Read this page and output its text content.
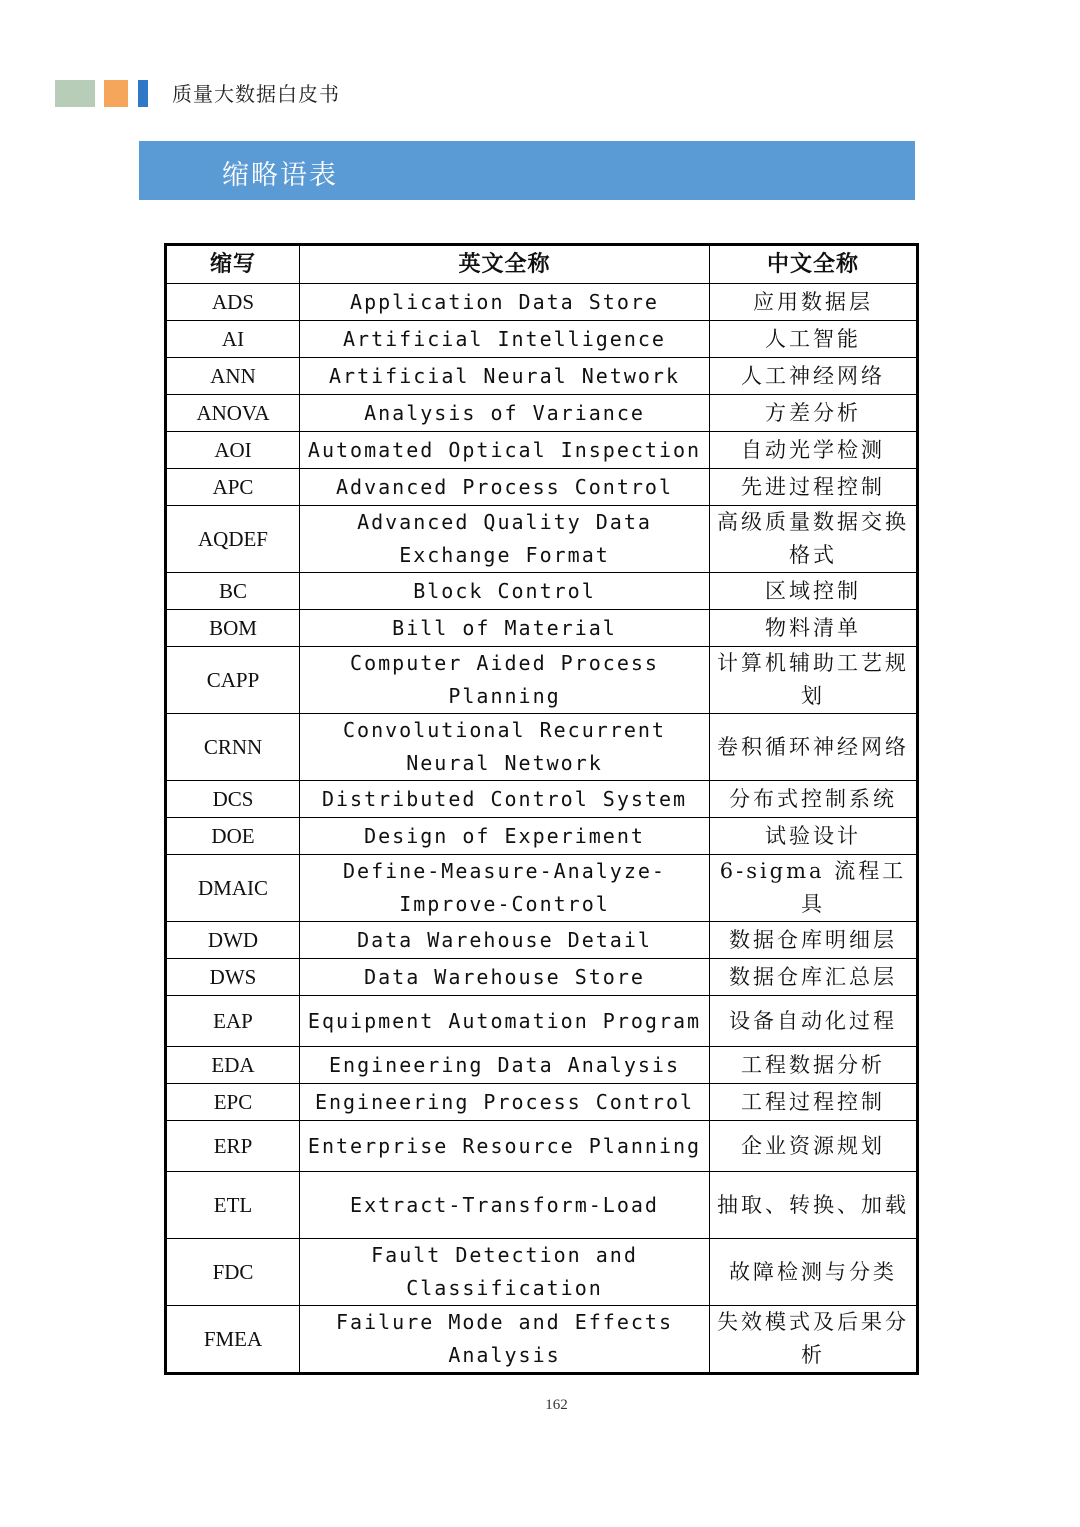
质量大数据白皮书
缩略语表
缩写	英文全称	中文全称
ADS	Application Data Store	应用数据层
AI	Artificial Intelligence	人工智能
ANN	Artificial Neural Network	人工神经网络
ANOVA	Analysis of Variance	方差分析
AOI	Automated Optical Inspection	自动光学检测
APC	Advanced Process Control	先进过程控制
AQDEF	Advanced Quality Data Exchange Format	高级质量数据交换格式
BC	Block Control	区域控制
BOM	Bill of Material	物料清单
CAPP	Computer Aided Process Planning	计算机辅助工艺规划
CRNN	Convolutional Recurrent Neural Network	卷积循环神经网络
DCS	Distributed Control System	分布式控制系统
DOE	Design of Experiment	试验设计
DMAIC	Define-Measure-Analyze-Improve-Control	6-sigma 流程工具
DWD	Data Warehouse Detail	数据仓库明细层
DWS	Data Warehouse Store	数据仓库汇总层
EAP	Equipment Automation Program	设备自动化过程
EDA	Engineering Data Analysis	工程数据分析
EPC	Engineering Process Control	工程过程控制
ERP	Enterprise Resource Planning	企业资源规划
ETL	Extract-Transform-Load	抽取、转换、加载
FDC	Fault Detection and Classification	故障检测与分类
FMEA	Failure Mode and Effects Analysis	失效模式及后果分析
162
